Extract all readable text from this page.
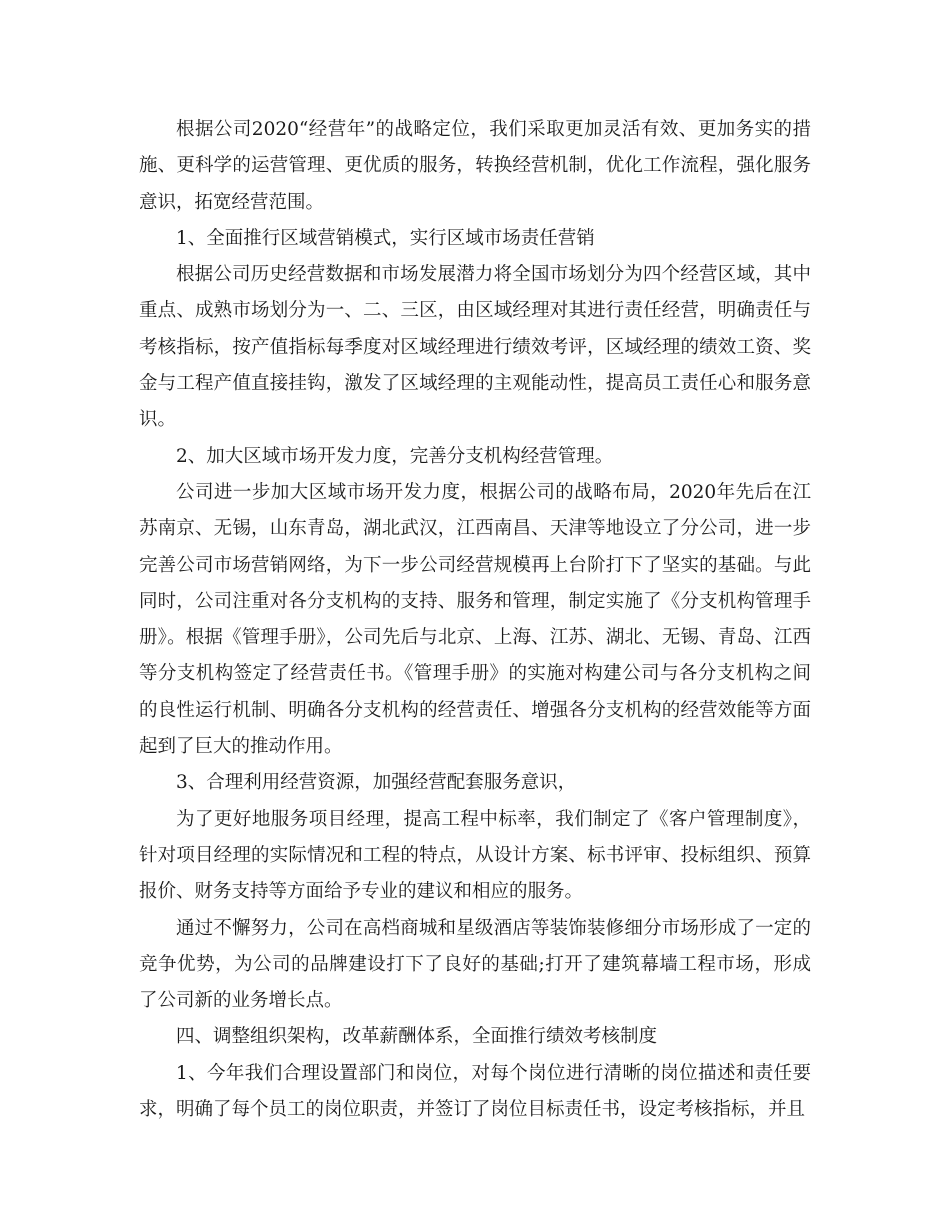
根据公司2020“经营年”的战略定位，我们采取更加灵活有效、更加务实的措施、更科学的运营管理、更优质的服务，转换经营机制，优化工作流程，强化服务意识，拓宽经营范围。

1、全面推行区域营销模式，实行区域市场责任营销

根据公司历史经营数据和市场发展潜力将全国市场划分为四个经营区域，其中重点、成熟市场划分为一、二、三区，由区域经理对其进行责任经营，明确责任与考核指标，按产值指标每季度对区域经理进行绩效考评，区域经理的绩效工资、奖金与工程产值直接挂钩，激发了区域经理的主观能动性，提高员工责任心和服务意识。

2、加大区域市场开发力度，完善分支机构经营管理。

公司进一步加大区域市场开发力度，根据公司的战略布局，2020年先后在江苏南京、无锡，山东青岛，湖北武汉，江西南昌、天津等地设立了分公司，进一步完善公司市场营销网络，为下一步公司经营规模再上台阶打下了坚实的基础。与此同时，公司注重对各分支机构的支持、服务和管理，制定实施了《分支机构管理手册》。根据《管理手册》，公司先后与北京、上海、江苏、湖北、无锡、青岛、江西等分支机构签定了经营责任书。《管理手册》的实施对构建公司与各分支机构之间的良性运行机制、明确各分支机构的经营责任、增强各分支机构的经营效能等方面起到了巨大的推动作用。

3、合理利用经营资源，加强经营配套服务意识，

为了更好地服务项目经理，提高工程中标率，我们制定了《客户管理制度》，针对项目经理的实际情况和工程的特点，从设计方案、标书评审、投标组织、预算报价、财务支持等方面给予专业的建议和相应的服务。

通过不懈努力，公司在高档商城和星级酒店等装饰装修细分市场形成了一定的竞争优势，为公司的品牌建设打下了良好的基础;打开了建筑幕墙工程市场，形成了公司新的业务增长点。

四、调整组织架构，改革薪酬体系，全面推行绩效考核制度

1、今年我们合理设置部门和岗位，对每个岗位进行清晰的岗位描述和责任要求，明确了每个员工的岗位职责，并签订了岗位目标责任书，设定考核指标，并且
